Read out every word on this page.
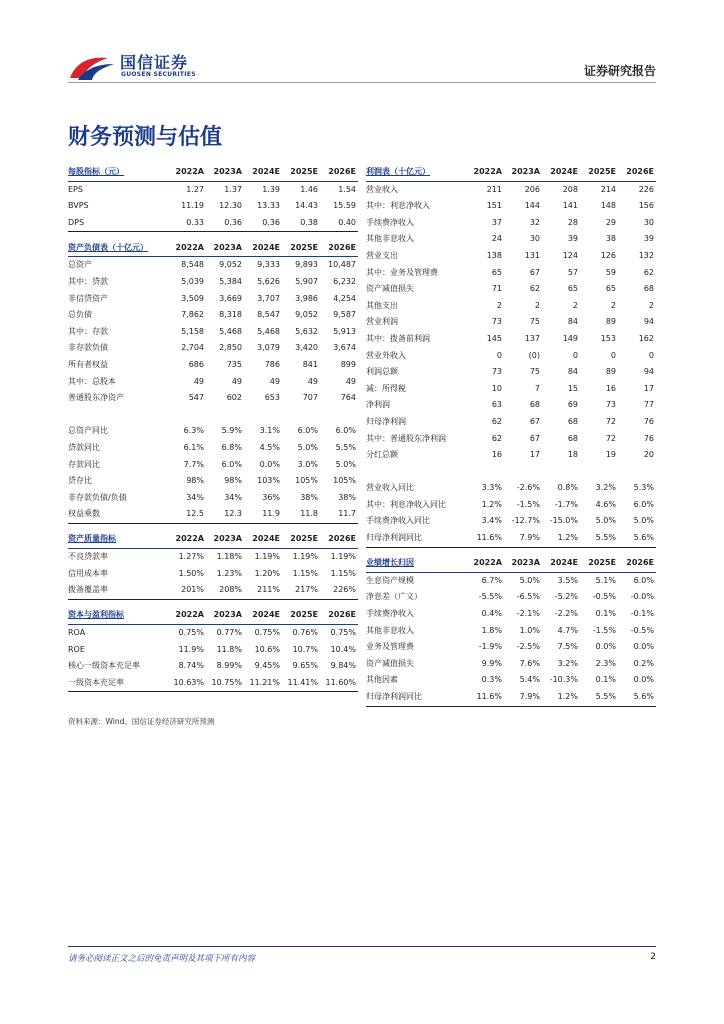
国信证券
GUOSEN SECURITIES	证券研究报告
财务预测与估值
每股指标（元）	2022A	2023A	2024E	2025E	2026E
EPS	1.27	1.37	1.39	1.46	1.54
BVPS	11.19	12.30	13.33	14.43	15.59
DPS	0.33	0.36	0.36	0.38	0.40

资产负债表（十亿元）	2022A	2023A	2024E	2025E	2026E
总资产	8,548	9,052	9,333	9,893	10,487
其中：贷款	5,039	5,384	5,626	5,907	6,232
非信贷资产	3,509	3,669	3,707	3,986	4,254
总负债	7,862	8,318	8,547	9,052	9,587
其中：存款	5,158	5,468	5,468	5,632	5,913
非存款负债	2,704	2,850	3,079	3,420	3,674
所有者权益	686	735	786	841	899
其中：总股本	49	49	49	49	49
普通股东净资产	547	602	653	707	764

总资产同比	6.3%	5.9%	3.1%	6.0%	6.0%
贷款同比	6.1%	6.8%	4.5%	5.0%	5.5%
存款同比	7.7%	6.0%	0.0%	3.0%	5.0%
贷存比	98%	98%	103%	105%	105%
非存款负债/负债	34%	34%	36%	38%	38%
权益乘数	12.5	12.3	11.9	11.8	11.7

资产质量指标	2022A	2023A	2024E	2025E	2026E
不良贷款率	1.27%	1.18%	1.19%	1.19%	1.19%
信用成本率	1.50%	1.23%	1.20%	1.15%	1.15%
拨备覆盖率	201%	208%	211%	217%	226%

资本与盈利指标	2022A	2023A	2024E	2025E	2026E
ROA	0.75%	0.77%	0.75%	0.76%	0.75%
ROE	11.9%	11.8%	10.6%	10.7%	10.4%
核心一级资本充足率	8.74%	8.99%	9.45%	9.65%	9.84%
一级资本充足率	10.63%	10.75%	11.21%	11.41%	11.60%
利润表（十亿元）	2022A	2023A	2024E	2025E	2026E
营业收入	211	206	208	214	226
其中：利息净收入	151	144	141	148	156
手续费净收入	37	32	28	29	30
其他非息收入	24	30	39	38	39
营业支出	138	131	124	126	132
其中：业务及管理费	65	67	57	59	62
资产减值损失	71	62	65	65	68
其他支出	2	2	2	2	2
营业利润	73	75	84	89	94
其中：拨备前利润	145	137	149	153	162
营业外收入	0	(0)	0	0	0
利润总额	73	75	84	89	94
减：所得税	10	7	15	16	17
净利润	63	68	69	73	77
归母净利润	62	67	68	72	76
其中：普通股东净利润	62	67	68	72	76
分红总额	16	17	18	19	20

营业收入同比	3.3%	-2.6%	0.8%	3.2%	5.3%
其中：利息净收入同比	1.2%	-1.5%	-1.7%	4.6%	6.0%
手续费净收入同比	3.4%	-12.7%	-15.0%	5.0%	5.0%
归母净利润同比	11.6%	7.9%	1.2%	5.5%	5.6%

业绩增长归因	2022A	2023A	2024E	2025E	2026E
生息资产规模	6.7%	5.0%	3.5%	5.1%	6.0%
净息差（广义）	-5.5%	-6.5%	-5.2%	-0.5%	-0.0%
手续费净收入	0.4%	-2.1%	-2.2%	0.1%	-0.1%
其他非息收入	1.8%	1.0%	4.7%	-1.5%	-0.5%
业务及管理费	-1.9%	-2.5%	7.5%	0.0%	0.0%
资产减值损失	9.9%	7.6%	3.2%	2.3%	0.2%
其他因素	0.3%	5.4%	-10.3%	0.1%	0.0%
归母净利润同比	11.6%	7.9%	1.2%	5.5%	5.6%
资料来源：Wind、国信证券经济研究所预测
请务必阅读正文之后的免责声明及其项下所有内容	2
